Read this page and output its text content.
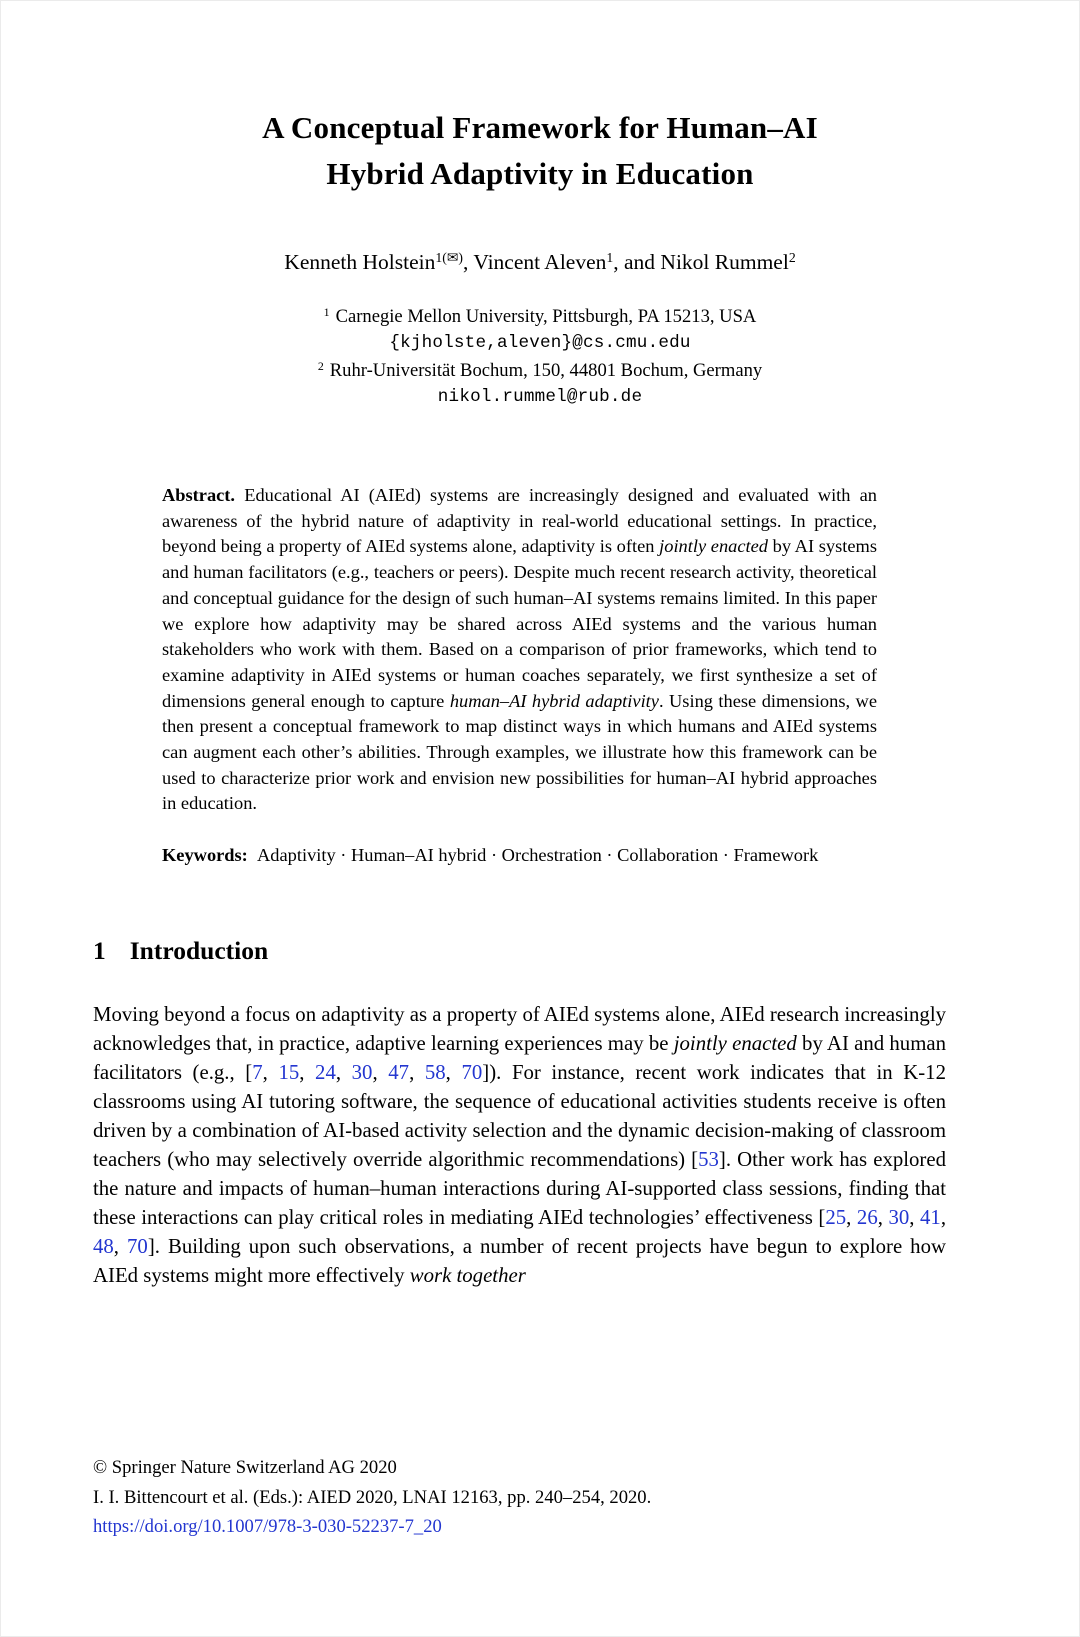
A Conceptual Framework for Human–AI
Hybrid Adaptivity in Education

Kenneth Holstein$^{1(✉)}$, Vincent Aleven$^1$, and Nikol Rummel$^2$

$^1$ Carnegie Mellon University, Pittsburgh, PA 15213, USA

{kjholste,aleven}@cs.cmu.edu

$^2$ Ruhr-Universität Bochum, 150, 44801 Bochum, Germany

nikol.rummel@rub.de

Abstract. Educational AI (AIEd) systems are increasingly designed and evaluated with an awareness of the hybrid nature of adaptivity in real-world educational settings. In practice, beyond being a property of AIEd systems alone, adaptivity is often jointly enacted by AI systems and human facilitators (e.g., teachers or peers). Despite much recent research activity, theoretical and conceptual guidance for the design of such human–AI systems remains limited. In this paper we explore how adaptivity may be shared across AIEd systems and the various human stakeholders who work with them. Based on a comparison of prior frameworks, which tend to examine adaptivity in AIEd systems or human coaches separately, we first synthesize a set of dimensions general enough to capture human–AI hybrid adaptivity. Using these dimensions, we then present a conceptual framework to map distinct ways in which humans and AIEd systems can augment each other’s abilities. Through examples, we illustrate how this framework can be used to characterize prior work and envision new possibilities for human–AI hybrid approaches in education.

Keywords: Adaptivity · Human–AI hybrid · Orchestration · Collaboration · Framework

1 Introduction

Moving beyond a focus on adaptivity as a property of AIEd systems alone, AIEd research increasingly acknowledges that, in practice, adaptive learning experiences may be jointly enacted by AI and human facilitators (e.g., [7, 15, 24, 30, 47, 58, 70]). For instance, recent work indicates that in K-12 classrooms using AI tutoring software, the sequence of educational activities students receive is often driven by a combination of AI-based activity selection and the dynamic decision-making of classroom teachers (who may selectively override algorithmic recommendations) [53]. Other work has explored the nature and impacts of human–human interactions during AI-supported class sessions, finding that these interactions can play critical roles in mediating AIEd technologies’ effectiveness [25, 26, 30, 41, 48, 70]. Building upon such observations, a number of recent projects have begun to explore how AIEd systems might more effectively work together

© Springer Nature Switzerland AG 2020

I. I. Bittencourt et al. (Eds.): AIED 2020, LNAI 12163, pp. 240–254, 2020.

https://doi.org/10.1007/978-3-030-52237-7_20
